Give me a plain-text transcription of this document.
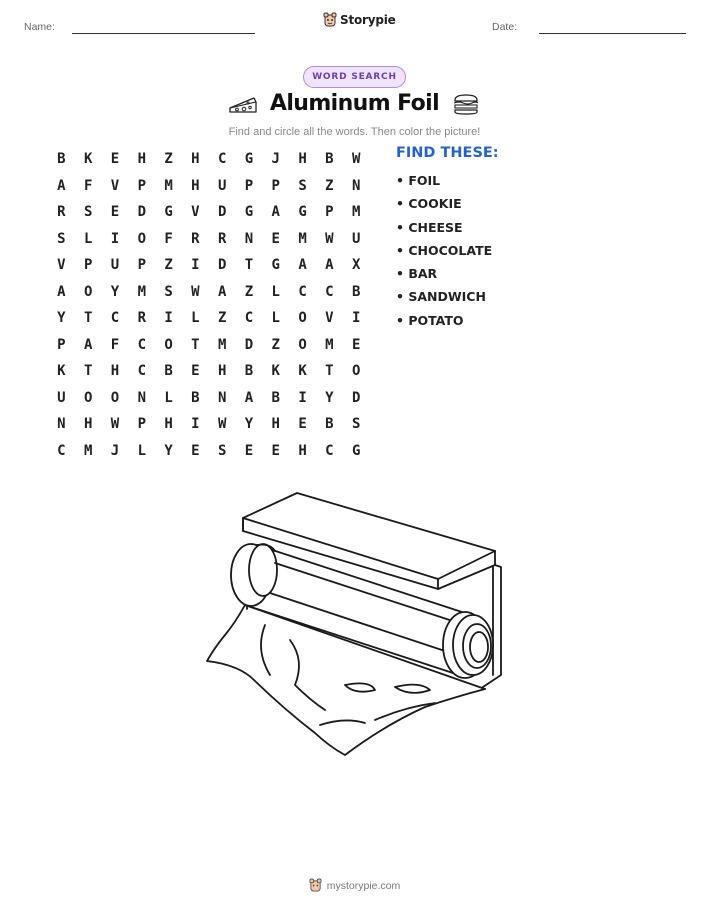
Name:	Storypie	Date:
WORD SEARCH
Aluminum Foil
Find and circle all the words. Then color the picture!
B	K	E	H	Z	H	C	G	J	H	B	W
A	F	V	P	M	H	U	P	P	S	Z	N
R	S	E	D	G	V	D	G	A	G	P	M
S	L	I	O	F	R	R	N	E	M	W	U
V	P	U	P	Z	I	D	T	G	A	A	X
A	O	Y	M	S	W	A	Z	L	C	C	B
Y	T	C	R	I	L	Z	C	L	O	V	I
P	A	F	C	O	T	M	D	Z	O	M	E
K	T	H	C	B	E	H	B	K	K	T	O
U	O	O	N	L	B	N	A	B	I	Y	D
N	H	W	P	H	I	W	Y	H	E	B	S
C	M	J	L	Y	E	S	E	E	H	C	G
FIND THESE:
• FOIL
• COOKIE
• CHEESE
• CHOCOLATE
• BAR
• SANDWICH
• POTATO
mystorypie.com
